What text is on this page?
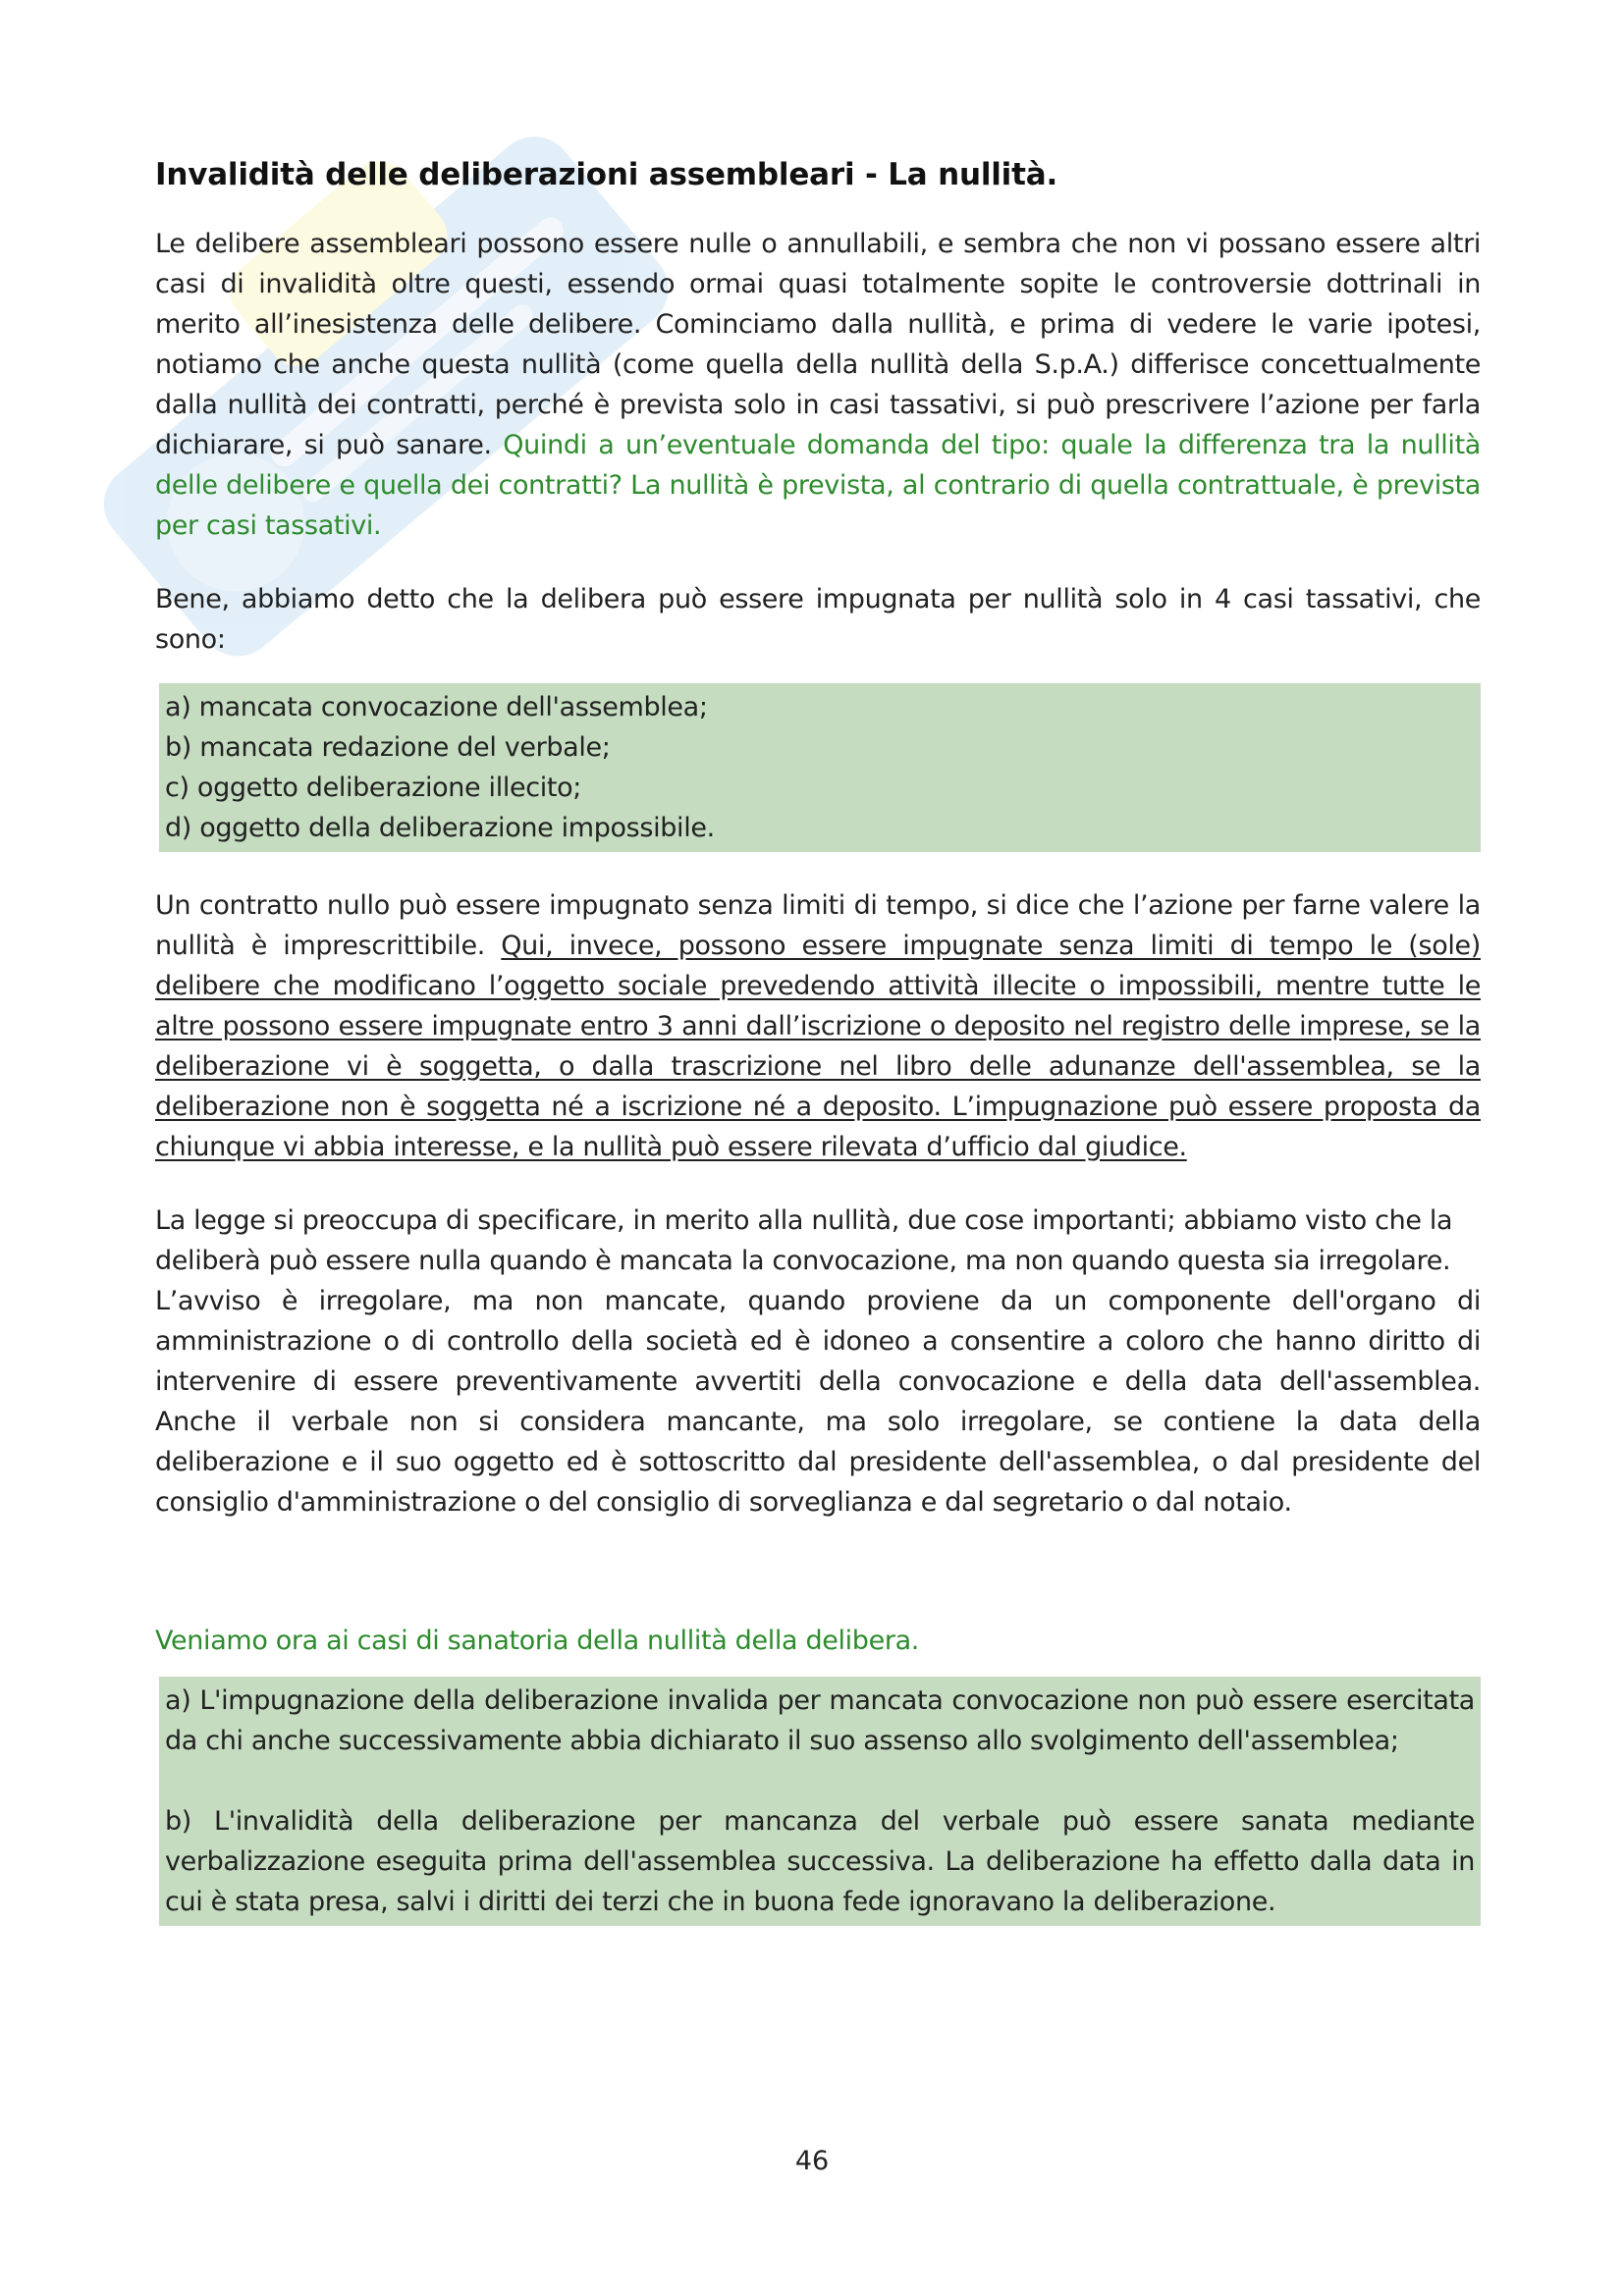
Invalidità delle deliberazioni assembleari - La nullità.

Le delibere assembleari possono essere nulle o annullabili, e sembra che non vi possano essere altri casi di invalidità oltre questi, essendo ormai quasi totalmente sopite le controversie dottrinali in merito all’inesistenza delle delibere. Cominciamo dalla nullità, e prima di vedere le varie ipotesi, notiamo che anche questa nullità (come quella della nullità della S.p.A.) differisce concettualmente dalla nullità dei contratti, perché è prevista solo in casi tassativi, si può prescrivere l’azione per farla dichiarare, si può sanare. Quindi a un’eventuale domanda del tipo: quale la differenza tra la nullità delle delibere e quella dei contratti? La nullità è prevista, al contrario di quella contrattuale, è prevista per casi tassativi.

Bene, abbiamo detto che la delibera può essere impugnata per nullità solo in 4 casi tassativi, che sono:

a) mancata convocazione dell'assemblea;
b) mancata redazione del verbale;
c) oggetto deliberazione illecito;
d) oggetto della deliberazione impossibile.

Un contratto nullo può essere impugnato senza limiti di tempo, si dice che l’azione per farne valere la nullità è imprescrittibile. Qui, invece, possono essere impugnate senza limiti di tempo le (sole) delibere che modificano l’oggetto sociale prevedendo attività illecite o impossibili, mentre tutte le altre possono essere impugnate entro 3 anni dall’iscrizione o deposito nel registro delle imprese, se la deliberazione vi è soggetta, o dalla trascrizione nel libro delle adunanze dell'assemblea, se la deliberazione non è soggetta né a iscrizione né a deposito. L’impugnazione può essere proposta da chiunque vi abbia interesse, e la nullità può essere rilevata d’ufficio dal giudice.

La legge si preoccupa di specificare, in merito alla nullità, due cose importanti; abbiamo visto che la

deliberà può essere nulla quando è mancata la convocazione, ma non quando questa sia irregolare.

L’avviso è irregolare, ma non mancate, quando proviene da un componente dell'organo di amministrazione o di controllo della società ed è idoneo a consentire a coloro che hanno diritto di intervenire di essere preventivamente avvertiti della convocazione e della data dell'assemblea. Anche il verbale non si considera mancante, ma solo irregolare, se contiene la data della deliberazione e il suo oggetto ed è sottoscritto dal presidente dell'assemblea, o dal presidente del consiglio d'amministrazione o del consiglio di sorveglianza e dal segretario o dal notaio.

Veniamo ora ai casi di sanatoria della nullità della delibera.

a) L'impugnazione della deliberazione invalida per mancata convocazione non può essere esercitata da chi anche successivamente abbia dichiarato il suo assenso allo svolgimento dell'assemblea;

b) L'invalidità della deliberazione per mancanza del verbale può essere sanata mediante verbalizzazione eseguita prima dell'assemblea successiva. La deliberazione ha effetto dalla data in cui è stata presa, salvi i diritti dei terzi che in buona fede ignoravano la deliberazione.

46
